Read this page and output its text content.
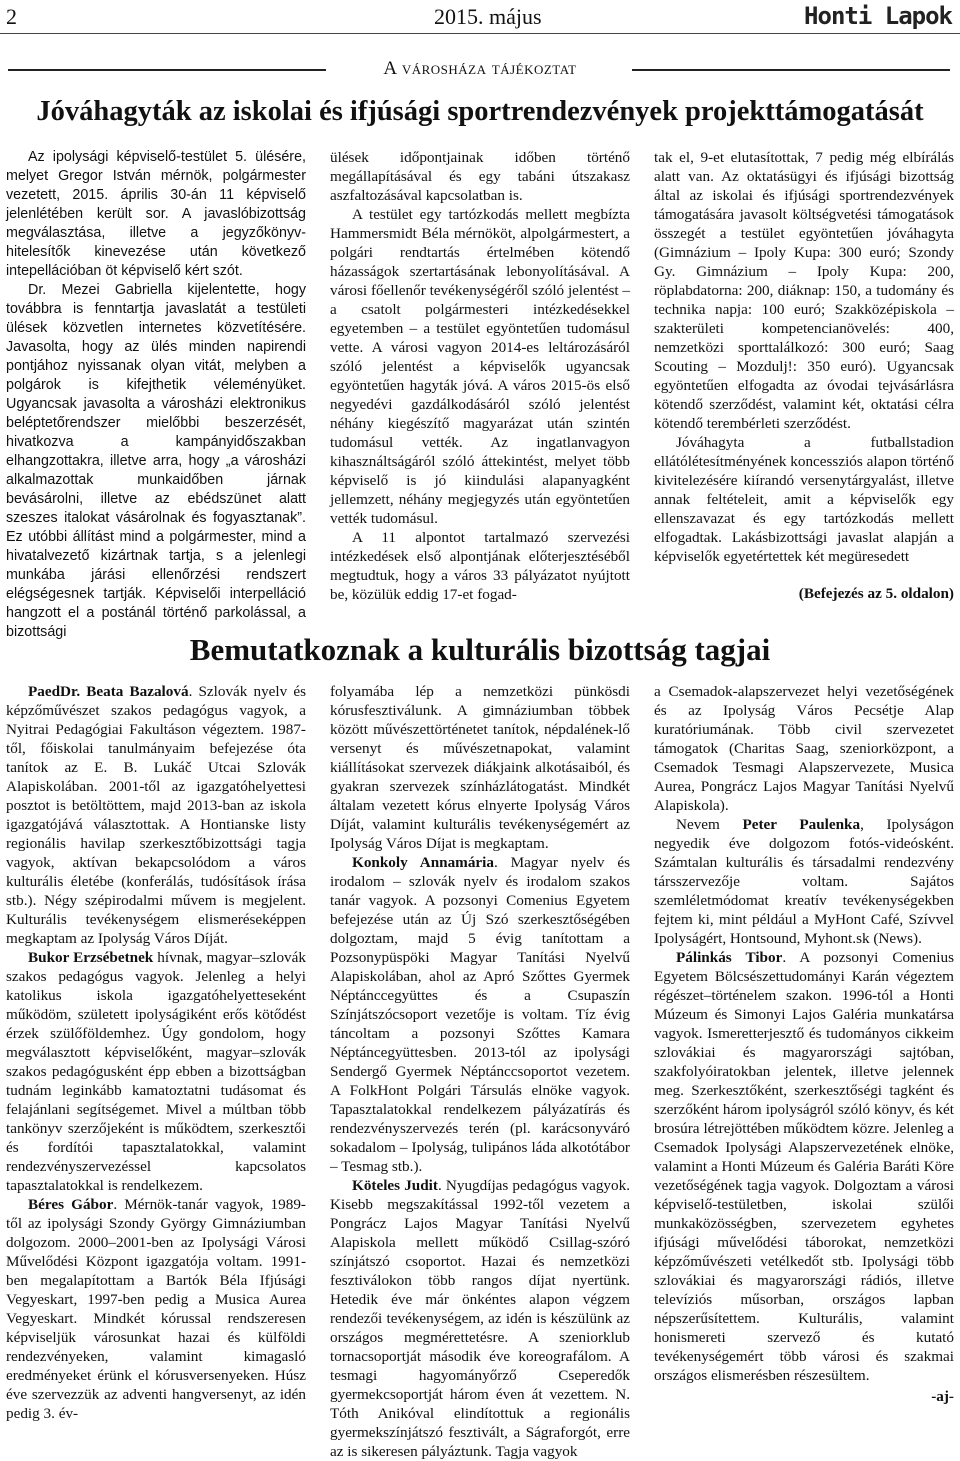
2	2015. május	Honti Lapok
A városháza tájékoztat
Jóváhagyták az iskolai és ifjúsági sportrendezvények projekttámogatását

Az ipolysági képviselő-testület 5. ülésére, melyet Gregor István mérnök, polgármester vezetett, 2015. április 30-án 11 képviselő jelenlétében került sor. A javaslóbizottság megválasztása, illetve a jegyzőkönyv-hitelesítők kinevezése után következő intepellációban öt képviselő kért szót.

Dr. Mezei Gabriella kijelentette, hogy továbbra is fenntartja javaslatát a testületi ülések közvetlen internetes közvetítésére. Javasolta, hogy az ülés minden napirendi pontjához nyissanak olyan vitát, melyben a polgárok is kifejthetik véleményüket. Ugyancsak javasolta a városházi elektronikus beléptetőrendszer mielőbbi beszerzését, hivatkozva a kampányidőszakban elhangzottakra, illetve arra, hogy „a városházi alkalmazottak munkaidőben járnak bevásárolni, illetve az ebédszünet alatt szeszes italokat vásárolnak és fogyasztanak”. Ez utóbbi állítást mind a polgármester, mind a hivatalvezető kizártnak tartja, s a jelenlegi munkába járási ellenőrzési rendszert elégségesnek tartják. Képviselői interpelláció hangzott el a postánál történő parkolással, a bizottsági

ülések időpontjainak időben történő megállapításával és egy tabáni útszakasz aszfaltozásával kapcsolatban is.

A testület egy tartózkodás mellett megbízta Hammersmidt Béla mérnököt, alpolgármestert, a polgári rendtartás értelmében kötendő házasságok szertartásának lebonyolításával. A városi főellenőr tevékenységéről szóló jelentést – a csatolt polgármesteri intézkedésekkel egyetemben – a testület egyöntetűen tudomásul vette. A városi vagyon 2014-es leltározásáról szóló jelentést a képviselők ugyancsak egyöntetűen hagyták jóvá. A város 2015-ös első negyedévi gazdálkodásáról szóló jelentést néhány kiegészítő magyarázat után szintén tudomásul vették. Az ingatlanvagyon kihasználtságáról szóló áttekintést, melyet több képviselő is jó kiindulási alapanyagként jellemzett, néhány megjegyzés után egyöntetűen vették tudomásul.

A 11 alpontot tartalmazó szervezési intézkedések első alpontjának előterjesztéséből megtudtuk, hogy a város 33 pályázatot nyújtott be, közülük eddig 17-et fogad-

tak el, 9-et elutasítottak, 7 pedig még elbírálás alatt van. Az oktatásügyi és ifjúsági bizottság által az iskolai és ifjúsági sportrendezvények támogatására javasolt költségvetési támogatások összegét a testület egyöntetűen jóváhagyta (Gimnázium – Ipoly Kupa: 300 euró; Szondy Gy. Gimnázium – Ipoly Kupa: 200, röplabdatorna: 200, diáknap: 150, a tudomány és technika napja: 100 euró; Szakközépiskola – szakterületi kompetencianövelés: 400, nemzetközi sporttalálkozó: 300 euró; Saag Scouting – Mozdulj!: 350 euró). Ugyancsak egyöntetűen elfogadta az óvodai tejvásárlásra kötendő szerződést, valamint két, oktatási célra kötendő terembérleti szerződést.

Jóváhagyta a futballstadion ellátólétesítményének koncessziós alapon történő kivitelezésére kiírandó versenytárgyalást, illetve annak feltételeit, amit a képviselők egy ellenszavazat és egy tartózkodás mellett elfogadtak. Lakásbizottsági javaslat alapján a képviselők egyetértettek két megüresedett

(Befejezés az 5. oldalon)

Bemutatkoznak a kulturális bizottság tagjai

PaedDr. Beata Bazalová. Szlovák nyelv és képzőművészet szakos pedagógus vagyok, a Nyitrai Pedagógiai Fakultáson végeztem. 1987-től, főiskolai tanulmányaim befejezése óta tanítok az E. B. Lukáč Utcai Szlovák Alapiskolában. 2001-től az igazgatóhelyettesi posztot is betöltöttem, majd 2013-ban az iskola igazgatójává választottak. A Hontianske listy regionális havilap szerkesztőbizottsági tagja vagyok, aktívan bekapcsolódom a város kulturális életébe (konferálás, tudósítások írása stb.). Négy szépirodalmi művem is megjelent. Kulturális tevékenységem elismeréseképpen megkaptam az Ipolyság Város Díját.

Bukor Erzsébetnek hívnak, magyar–szlovák szakos pedagógus vagyok. Jelenleg a helyi katolikus iskola igazgatóhelyetteseként működöm, született ipolyságiként erős kötődést érzek szülőföldemhez. Úgy gondolom, hogy megválasztott képviselőként, magyar–szlovák szakos pedagógusként épp ebben a bizottságban tudnám leginkább kamatoztatni tudásomat és felajánlani segítségemet. Mivel a múltban több tankönyv szerzőjeként is működtem, szerkesztői és fordítói tapasztalatokkal, valamint rendezvényszervezéssel kapcsolatos tapasztalatokkal is rendelkezem.

Béres Gábor. Mérnök-tanár vagyok, 1989-től az ipolysági Szondy György Gimnáziumban dolgozom. 2000–2001-ben az Ipolysági Városi Művelődési Központ igazgatója voltam. 1991-ben megalapítottam a Bartók Béla Ifjúsági Vegyeskart, 1997-ben pedig a Musica Aurea Vegyeskart. Mindkét kórussal rendszeresen képviseljük városunkat hazai és külföldi rendezvényeken, valamint kimagasló eredményeket érünk el kórusversenyeken. Húsz éve szervezzük az adventi hangversenyt, az idén pedig 3. év-

folyamába lép a nemzetközi pünkösdi kórusfesztiválunk. A gimnáziumban többek között művészettörténetet tanítok, népdalének-lő versenyt és művészetnapokat, valamint kiállításokat szervezek diákjaink alkotásaiból, és gyakran szervezek színházlátogatást. Mindkét általam vezetett kórus elnyerte Ipolyság Város Díját, valamint kulturális tevékenységemért az Ipolyság Város Díjat is megkaptam.

Konkoly Annamária. Magyar nyelv és irodalom – szlovák nyelv és irodalom szakos tanár vagyok. A pozsonyi Comenius Egyetem befejezése után az Új Szó szerkesztőségében dolgoztam, majd 5 évig tanítottam a Pozsonypüspöki Magyar Tanítási Nyelvű Alapiskolában, ahol az Apró Szőttes Gyermek Néptánccegyüttes és a Csupaszín Színjátszócsoport vezetője is voltam. Tíz évig táncoltam a pozsonyi Szőttes Kamara Néptáncegyüttesben. 2013-tól az ipolysági Sendergő Gyermek Néptáncсsoportot vezetem. A FolkHont Polgári Társulás elnöke vagyok. Tapasztalatokkal rendelkezem pályázatírás és rendezvényszervezés terén (pl. karácsonyváró sokadalom – Ipolyság, tulipános láda alkotótábor – Tesmag stb.).

Köteles Judit. Nyugdíjas pedagógus vagyok. Kisebb megszakítással 1992-től vezetem a Pongrácz Lajos Magyar Tanítási Nyelvű Alapiskola mellett működő Csillag-szóró színjátszó csoportot. Hazai és nemzetközi fesztiválokon több rangos díjat nyertünk. Hetedik éve már önkéntes alapon végzem rendezői tevékenységem, az idén is készülünk az országos megmérettetésre. A szeniorklub tornacsoportját második éve koreografálom. A tesmagi hagyományőrző Cseperedők gyermekcsoportját három éven át vezettem. N. Tóth Anikóval elindítottuk a regionális gyermekszínjátszó fesztivált, a Ságraforgót, erre az is sikeresen pályáztunk. Tagja vagyok

a Csemadok-alapszervezet helyi vezetőségének és az Ipolyság Város Pecsétje Alap kuratóriumának. Több civil szervezetet támogatok (Charitas Saag, szeniorközpont, a Csemadok Tesmagi Alapszervezete, Musica Aurea, Pongrácz Lajos Magyar Tanítási Nyelvű Alapiskola).

Nevem Peter Paulenka, Ipolyságon negyedik éve dolgozom fotós-videósként. Számtalan kulturális és társadalmi rendezvény társszervezője voltam. Sajátos szemléletmódomat kreatív tevékenységekben fejtem ki, mint például a MyHont Café, Szívvel Ipolyságért, Hontsound, Myhont.sk (News).

Pálinkás Tibor. A pozsonyi Comenius Egyetem Bölcsészettudományi Karán végeztem régészet–történelem szakon. 1996-tól a Honti Múzeum és Simonyi Lajos Galéria munkatársa vagyok. Ismeretterjesztő és tudományos cikkeim szlovákiai és magyarországi sajtóban, szakfolyóiratokban jelentek, illetve jelennek meg. Szerkesztőként, szerkesztőségi tagként és szerzőként három ipolyságról szóló könyv, és két brosúra létrejöttében működtem közre. Jelenleg a Csemadok Ipolysági Alapszervezetének elnöke, valamint a Honti Múzeum és Galéria Baráti Köre vezetőségének tagja vagyok. Dolgoztam a városi képviselő-testületben, iskolai szülői munkaközösségben, szervezetem egyhetes ifjúsági művelődési táborokat, nemzetközi képzőművészeti vetélkedőt stb. Ipolysági több szlovákiai és magyarországi rádiós, illetve televíziós műsorban, országos lapban népszerűsítettem. Kulturális, valamint honismereti szervező és kutató tevékenységemért több városi és szakmai országos elismerésben részesültem.

-aj-
